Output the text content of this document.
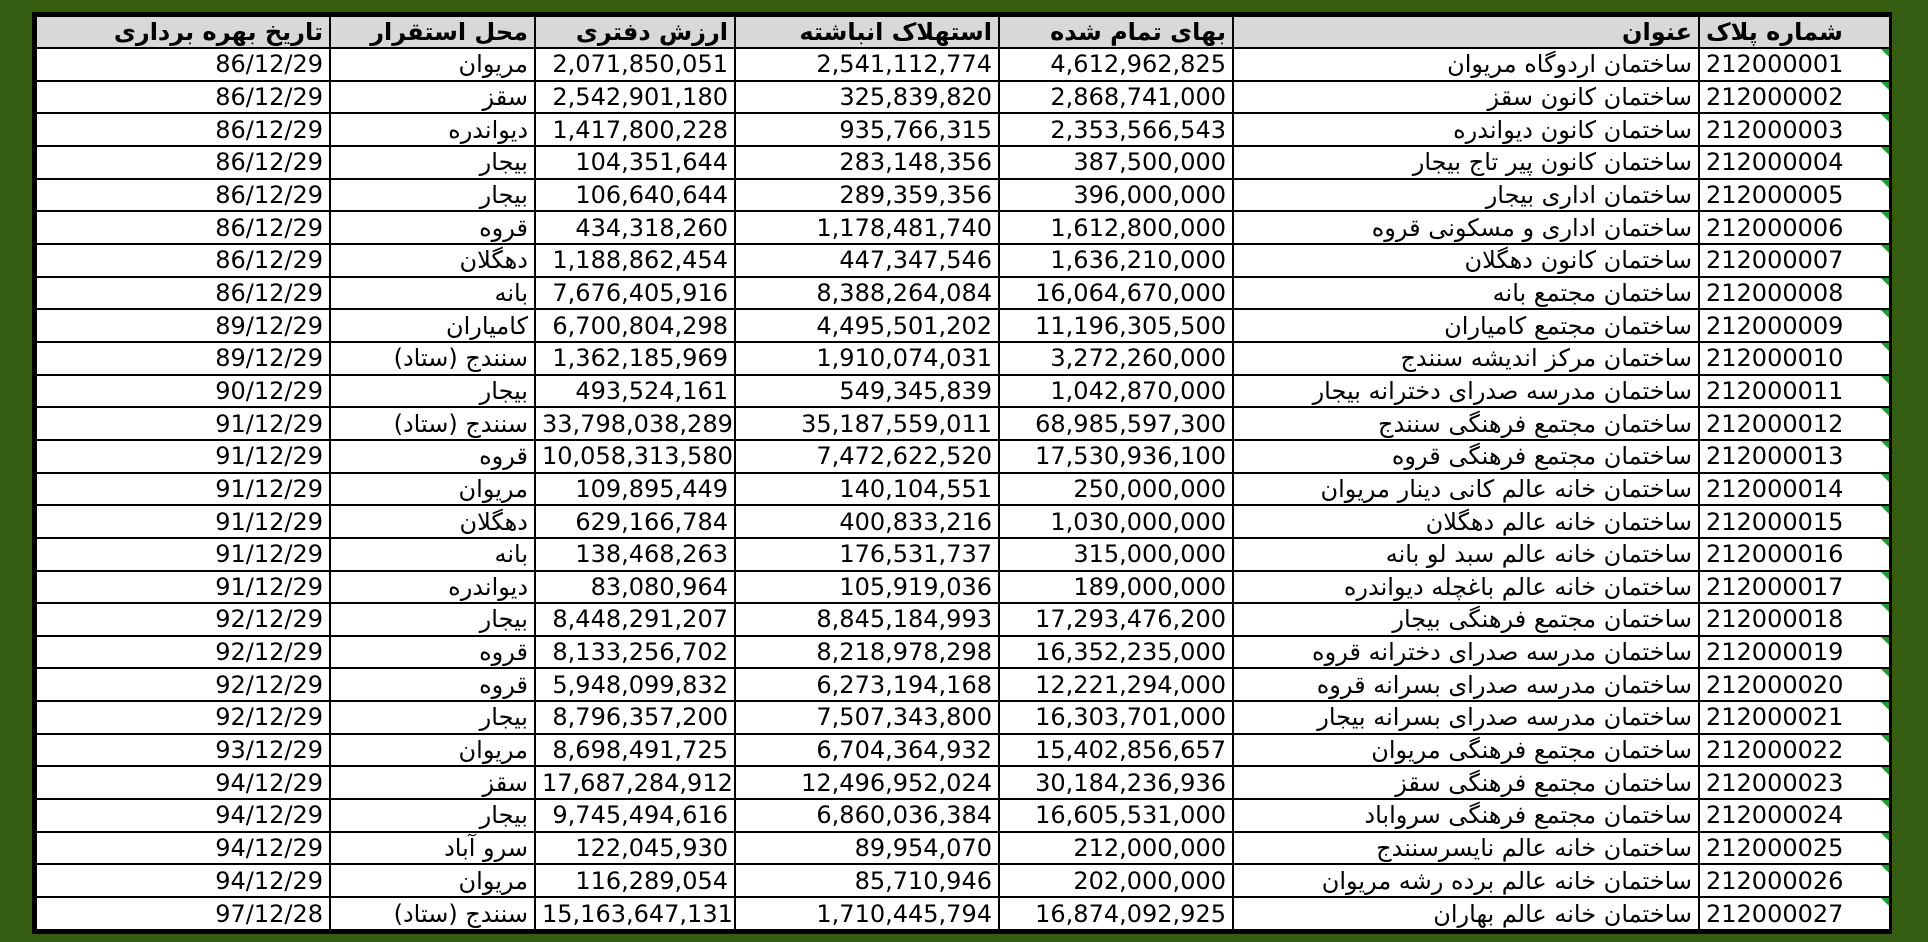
تاریخ بهره برداری	محل استقرار	ارزش دفتری	استهلاک انباشته	بهای تمام شده	عنوان	شماره پلاک
86/12/29	مریوان	2,071,850,051	2,541,112,774	4,612,962,825	ساختمان اردوگاه مریوان	212000001

86/12/29	سقز	2,542,901,180	325,839,820	2,868,741,000	ساختمان کانون سقز	212000002

86/12/29	دیواندره	1,417,800,228	935,766,315	2,353,566,543	ساختمان کانون دیواندره	212000003

86/12/29	بیجار	104,351,644	283,148,356	387,500,000	ساختمان کانون پیر تاج بیجار	212000004

86/12/29	بیجار	106,640,644	289,359,356	396,000,000	ساختمان اداری بیجار	212000005

86/12/29	قروه	434,318,260	1,178,481,740	1,612,800,000	ساختمان اداری و مسکونی قروه	212000006

86/12/29	دهگلان	1,188,862,454	447,347,546	1,636,210,000	ساختمان کانون دهگلان	212000007

86/12/29	بانه	7,676,405,916	8,388,264,084	16,064,670,000	ساختمان مجتمع بانه	212000008

89/12/29	کامیاران	6,700,804,298	4,495,501,202	11,196,305,500	ساختمان مجتمع کامیاران	212000009

89/12/29	سنندج (ستاد)	1,362,185,969	1,910,074,031	3,272,260,000	ساختمان مرکز اندیشه سنندج	212000010

90/12/29	بیجار	493,524,161	549,345,839	1,042,870,000	ساختمان مدرسه صدرای دخترانه بیجار	212000011

91/12/29	سنندج (ستاد)	33,798,038,289	35,187,559,011	68,985,597,300	ساختمان مجتمع فرهنگی سنندج	212000012

91/12/29	قروه	10,058,313,580	7,472,622,520	17,530,936,100	ساختمان مجتمع فرهنگی قروه	212000013

91/12/29	مریوان	109,895,449	140,104,551	250,000,000	ساختمان خانه عالم کانی دینار مریوان	212000014

91/12/29	دهگلان	629,166,784	400,833,216	1,030,000,000	ساختمان خانه عالم دهگلان	212000015

91/12/29	بانه	138,468,263	176,531,737	315,000,000	ساختمان خانه عالم سبد لو بانه	212000016

91/12/29	دیواندره	83,080,964	105,919,036	189,000,000	ساختمان خانه عالم باغچله دیواندره	212000017

92/12/29	بیجار	8,448,291,207	8,845,184,993	17,293,476,200	ساختمان مجتمع فرهنگی بیجار	212000018

92/12/29	قروه	8,133,256,702	8,218,978,298	16,352,235,000	ساختمان مدرسه صدرای دخترانه قروه	212000019

92/12/29	قروه	5,948,099,832	6,273,194,168	12,221,294,000	ساختمان مدرسه صدرای بسرانه قروه	212000020

92/12/29	بیجار	8,796,357,200	7,507,343,800	16,303,701,000	ساختمان مدرسه صدرای بسرانه بیجار	212000021

93/12/29	مریوان	8,698,491,725	6,704,364,932	15,402,856,657	ساختمان مجتمع فرهنگی مریوان	212000022

94/12/29	سقز	17,687,284,912	12,496,952,024	30,184,236,936	ساختمان مجتمع فرهنگی سقز	212000023

94/12/29	بیجار	9,745,494,616	6,860,036,384	16,605,531,000	ساختمان مجتمع فرهنگی سرواباد	212000024

94/12/29	سرو آباد	122,045,930	89,954,070	212,000,000	ساختمان خانه عالم نایسرسنندج	212000025

94/12/29	مریوان	116,289,054	85,710,946	202,000,000	ساختمان خانه عالم برده رشه مریوان	212000026

97/12/28	سنندج (ستاد)	15,163,647,131	1,710,445,794	16,874,092,925	ساختمان خانه عالم بهاران	212000027
